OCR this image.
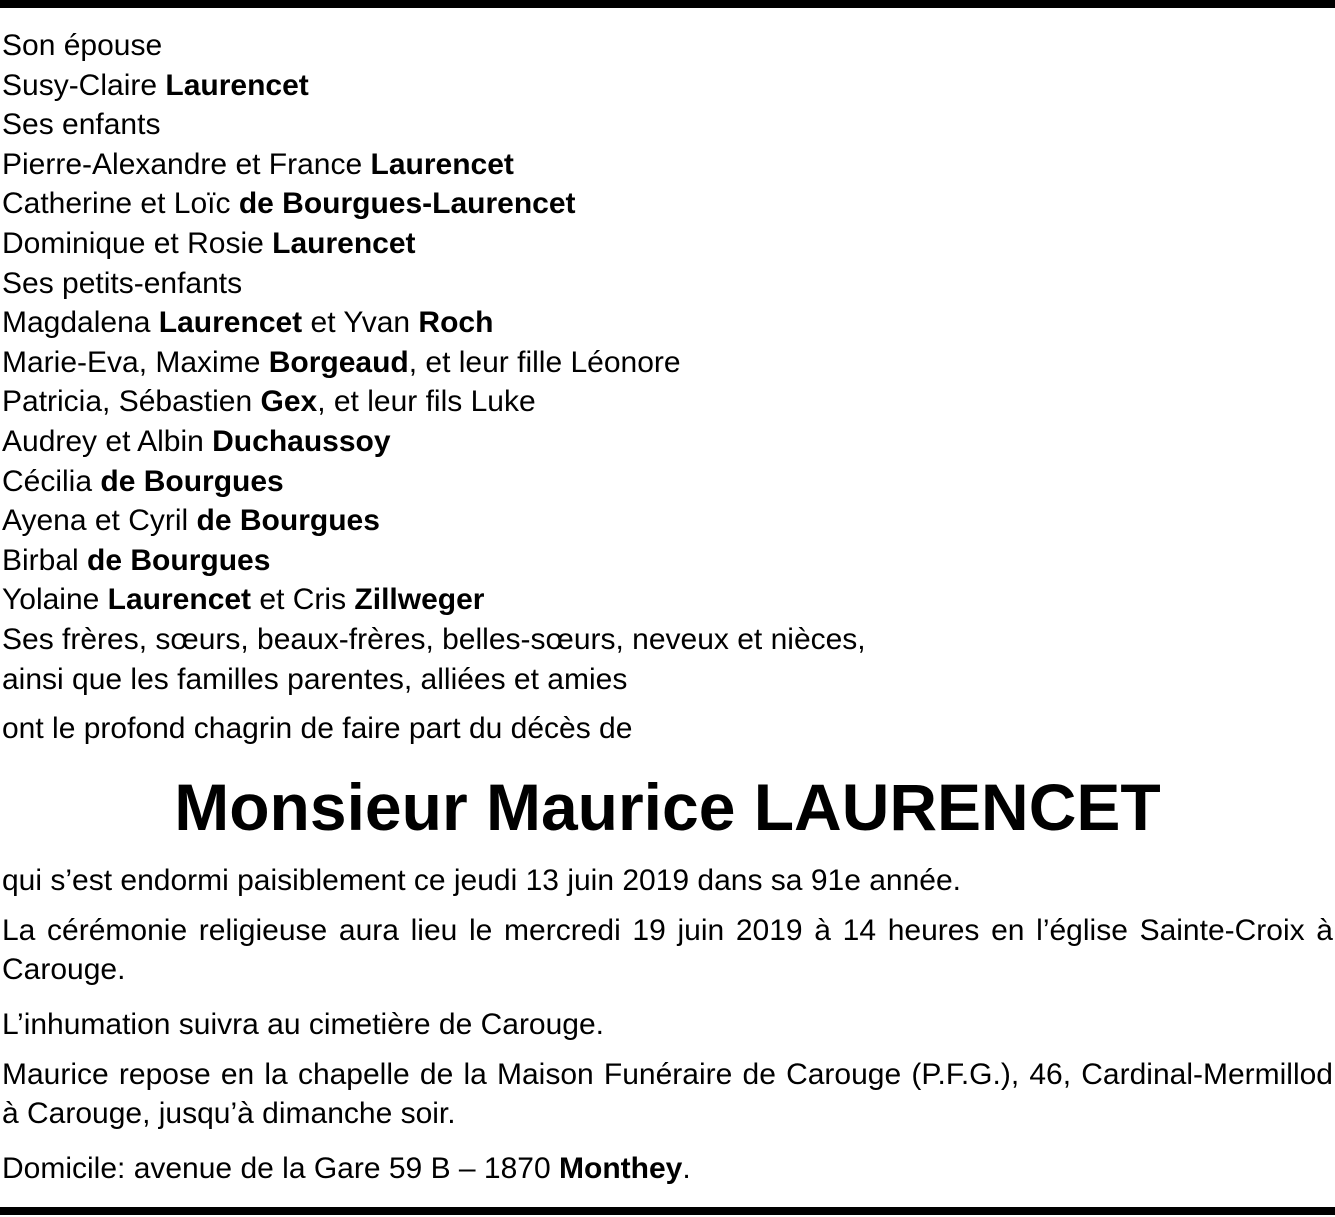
Son épouse
Susy-Claire Laurencet
Ses enfants
Pierre-Alexandre et France Laurencet
Catherine et Loïc de Bourgues-Laurencet
Dominique et Rosie Laurencet
Ses petits-enfants
Magdalena Laurencet et Yvan Roch
Marie-Eva, Maxime Borgeaud, et leur fille Léonore
Patricia, Sébastien Gex, et leur fils Luke
Audrey et Albin Duchaussoy
Cécilia de Bourgues
Ayena et Cyril de Bourgues
Birbal de Bourgues
Yolaine Laurencet et Cris Zillweger
Ses frères, sœurs, beaux-frères, belles-sœurs, neveux et nièces,
ainsi que les familles parentes, alliées et amies
ont le profond chagrin de faire part du décès de
Monsieur Maurice LAURENCET

qui s’est endormi paisiblement ce jeudi 13 juin 2019 dans sa 91e année.

La cérémonie religieuse aura lieu le mercredi 19 juin 2019 à 14 heures en l’église Sainte-Croix à Carouge.

L’inhumation suivra au cimetière de Carouge.

Maurice repose en la chapelle de la Maison Funéraire de Carouge (P.F.G.), 46, Cardinal-Mermillod à Carouge, jusqu’à dimanche soir.

Domicile: avenue de la Gare 59 B – 1870 Monthey.
